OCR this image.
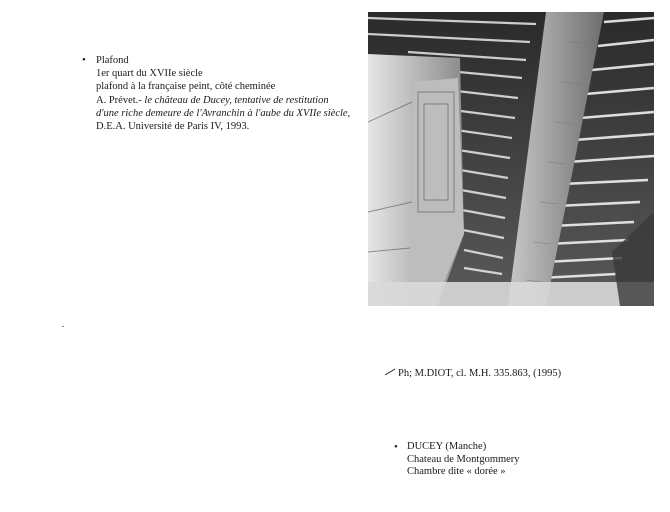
• Plafond
1er quart du XVIIe siècle
plafond à la française peint, côté cheminée
A. Prévet.- le château de Ducey, tentative de restitution
d'une riche demeure de l'Avranchin à l'aube du XVIIe siècle,
D.E.A. Université de Paris IV, 1993.
Ph; M.DIOT, cl. M.H. 335.863, (1995)
• DUCEY (Manche)
Chateau de Montgommery
Chambre dite « dorée »
